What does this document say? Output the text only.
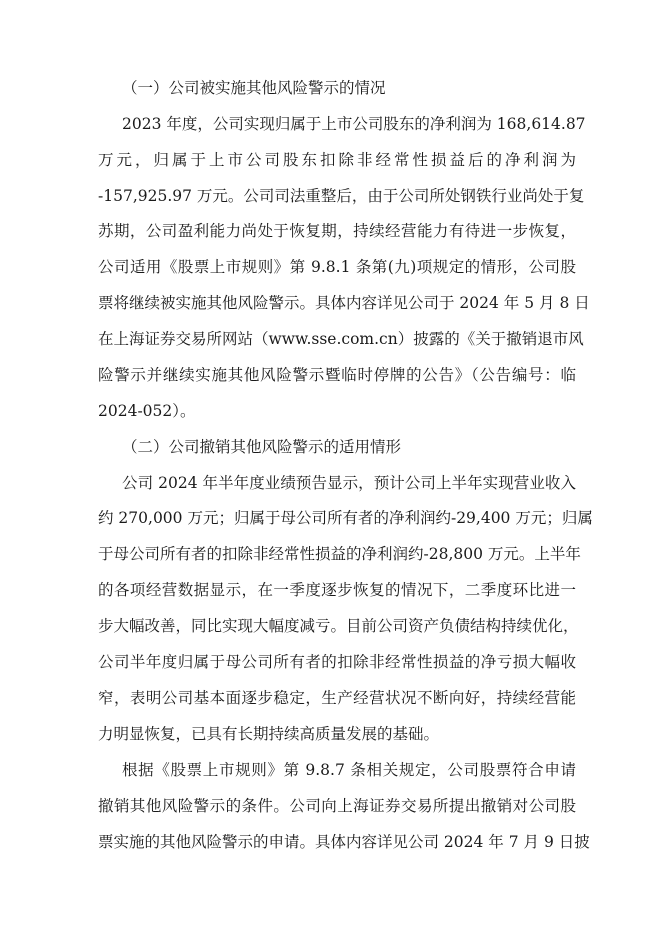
（一）公司被实施其他风险警示的情况
2023 年度，公司实现归属于上市公司股东的净利润为 168,614.87
万元，归属于上市公司股东扣除非经常性损益后的净利润为
-157,925.97 万元。公司司法重整后，由于公司所处钢铁行业尚处于复
苏期，公司盈利能力尚处于恢复期，持续经营能力有待进一步恢复，
公司适用《股票上市规则》第 9.8.1 条第(九)项规定的情形，公司股
票将继续被实施其他风险警示。具体内容详见公司于 2024 年 5 月 8 日
在上海证券交易所网站（www.sse.com.cn）披露的《关于撤销退市风
险警示并继续实施其他风险警示暨临时停牌的公告》（公告编号：临
2024-052）。
（二）公司撤销其他风险警示的适用情形
公司 2024 年半年度业绩预告显示，预计公司上半年实现营业收入
约 270,000 万元；归属于母公司所有者的净利润约-29,400 万元；归属
于母公司所有者的扣除非经常性损益的净利润约-28,800 万元。上半年
的各项经营数据显示，在一季度逐步恢复的情况下，二季度环比进一
步大幅改善，同比实现大幅度减亏。目前公司资产负债结构持续优化，
公司半年度归属于母公司所有者的扣除非经常性损益的净亏损大幅收
窄，表明公司基本面逐步稳定，生产经营状况不断向好，持续经营能
力明显恢复，已具有长期持续高质量发展的基础。
根据《股票上市规则》第 9.8.7 条相关规定，公司股票符合申请
撤销其他风险警示的条件。公司向上海证券交易所提出撤销对公司股
票实施的其他风险警示的申请。具体内容详见公司 2024 年 7 月 9 日披
